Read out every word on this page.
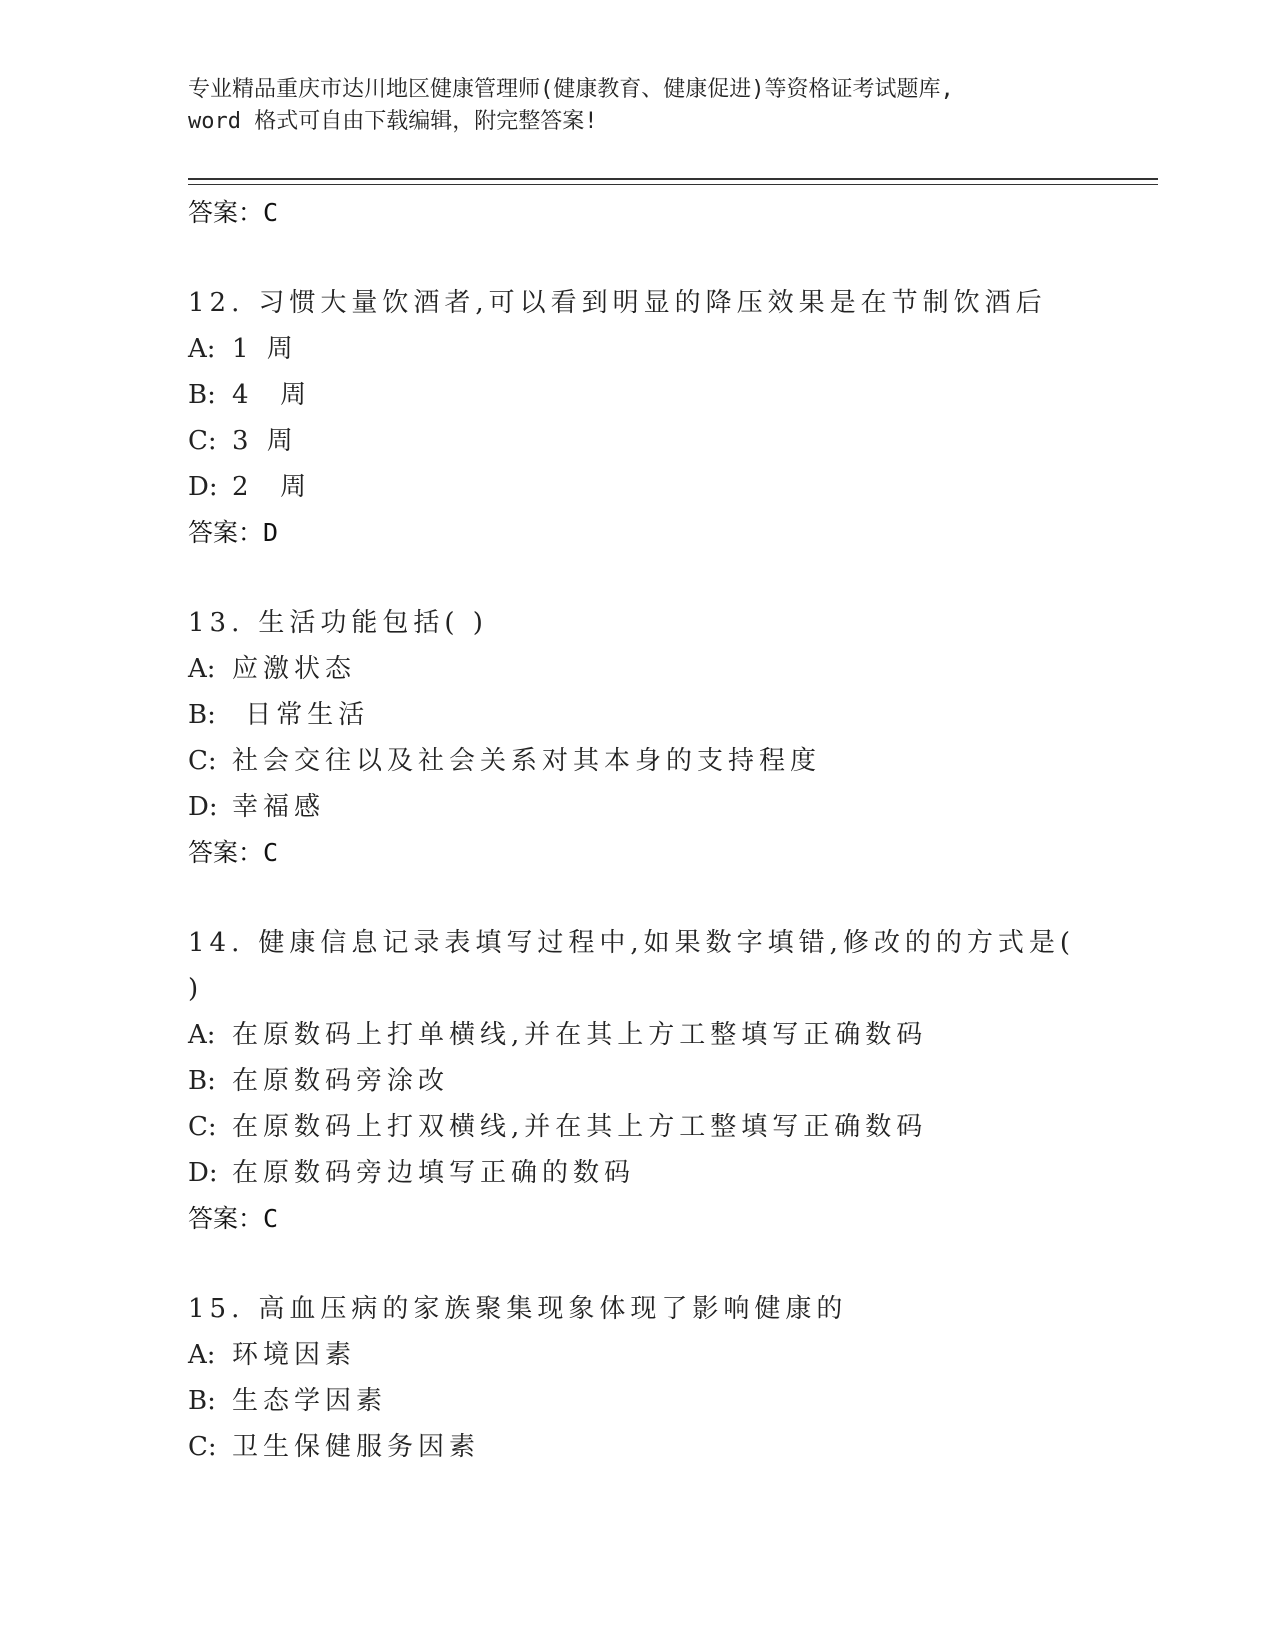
专业精品重庆市达川地区健康管理师(健康教育、健康促进)等资格证考试题库,
word 格式可自由下载编辑，附完整答案!
答案：C
12. 习惯大量饮酒者,可以看到明显的降压效果是在节制饮酒后
A: 1 周
B: 4  周
C: 3 周
D: 2  周
答案：D
13. 生活功能包括( )
A: 应激状态
B: 日常生活
C: 社会交往以及社会关系对其本身的支持程度
D: 幸福感
答案：C
14. 健康信息记录表填写过程中,如果数字填错,修改的的方式是(
)
A: 在原数码上打单横线,并在其上方工整填写正确数码
B: 在原数码旁涂改
C: 在原数码上打双横线,并在其上方工整填写正确数码
D: 在原数码旁边填写正确的数码
答案：C
15. 高血压病的家族聚集现象体现了影响健康的
A: 环境因素
B: 生态学因素
C: 卫生保健服务因素
